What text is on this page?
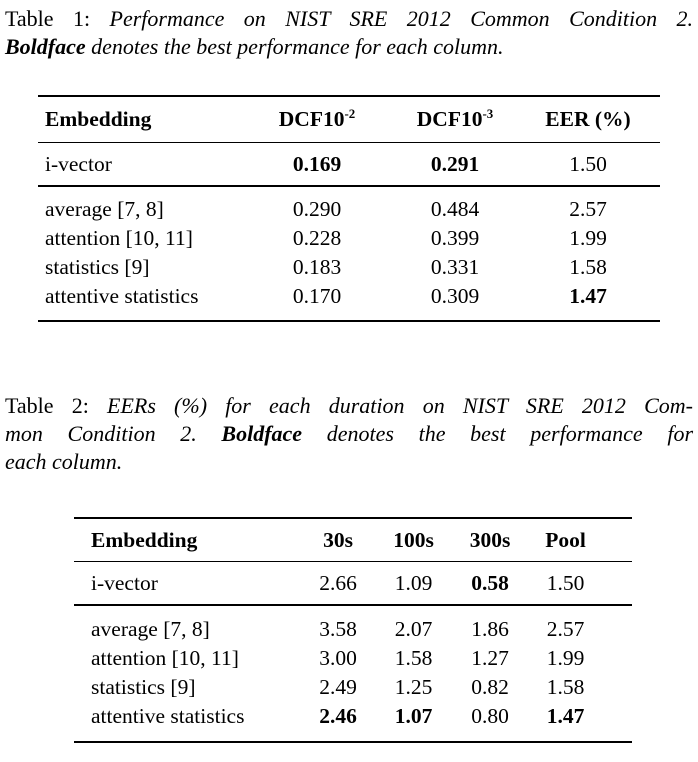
Table 1: Performance on NIST SRE 2012 Common Condition 2.
Boldface denotes the best performance for each column.
Embedding	$DCF10^{-2}$	$DCF10^{-3}$	EER (%)
i-vector	0.169	0.291	1.50
average [7, 8]	0.290	0.484	2.57
attention [10, 11]	0.228	0.399	1.99
statistics [9]	0.183	0.331	1.58
attentive statistics	0.170	0.309	1.47
Table 2: EERs (%) for each duration on NIST SRE 2012 Com-
mon Condition 2. Boldface denotes the best performance for
each column.
Embedding	30s	100s	300s	Pool
i-vector	2.66	1.09	0.58	1.50
average [7, 8]	3.58	2.07	1.86	2.57
attention [10, 11]	3.00	1.58	1.27	1.99
statistics [9]	2.49	1.25	0.82	1.58
attentive statistics	2.46	1.07	0.80	1.47
